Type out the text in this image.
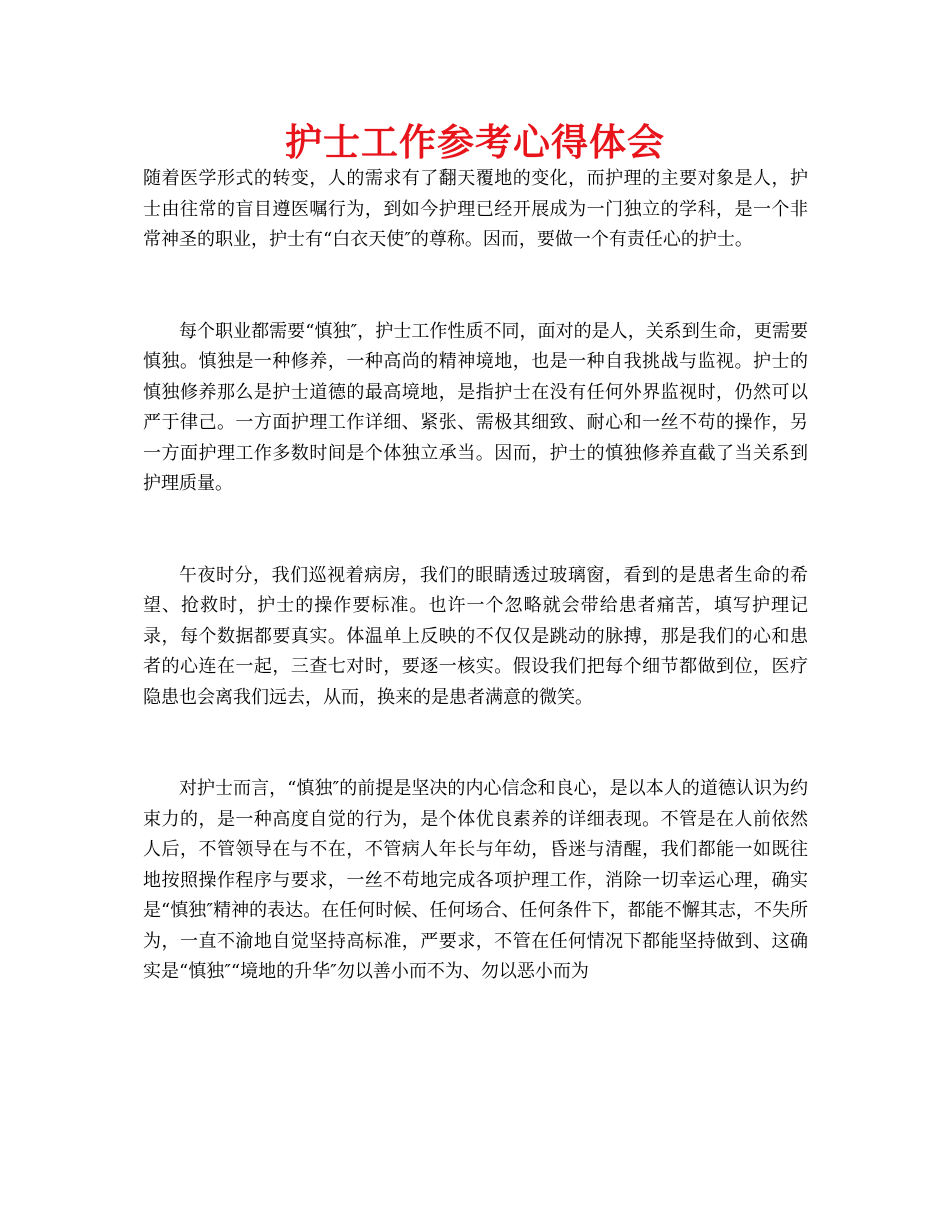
护士工作参考心得体会

随着医学形式的转变，人的需求有了翻天覆地的变化，而护理的主要对象是人，护士由往常的盲目遵医嘱行为，到如今护理已经开展成为一门独立的学科，是一个非常神圣的职业，护士有“白衣天使″的尊称。因而，要做一个有责任心的护士。

每个职业都需要“慎独″，护士工作性质不同，面对的是人，关系到生命，更需要慎独。慎独是一种修养，一种高尚的精神境地，也是一种自我挑战与监视。护士的慎独修养那么是护士道德的最高境地，是指护士在没有任何外界监视时，仍然可以严于律己。一方面护理工作详细、紧张、需极其细致、耐心和一丝不苟的操作，另一方面护理工作多数时间是个体独立承当。因而，护士的慎独修养直截了当关系到护理质量。

午夜时分，我们巡视着病房，我们的眼睛透过玻璃窗，看到的是患者生命的希望、抢救时，护士的操作要标准。也许一个忽略就会带给患者痛苦，填写护理记录，每个数据都要真实。体温单上反映的不仅仅是跳动的脉搏，那是我们的心和患者的心连在一起，三查七对时，要逐一核实。假设我们把每个细节都做到位，医疗隐患也会离我们远去，从而，换来的是患者满意的微笑。

对护士而言，“慎独″的前提是坚决的内心信念和良心，是以本人的道德认识为约束力的，是一种高度自觉的行为，是个体优良素养的详细表现。不管是在人前依然人后，不管领导在与不在，不管病人年长与年幼，昏迷与清醒，我们都能一如既往地按照操作程序与要求，一丝不苟地完成各项护理工作，消除一切幸运心理，确实是“慎独″精神的表达。在任何时候、任何场合、任何条件下，都能不懈其志，不失所为，一直不渝地自觉坚持高标准，严要求，不管在任何情况下都能坚持做到、这确实是“慎独″“境地的升华″勿以善小而不为、勿以恶小而为
